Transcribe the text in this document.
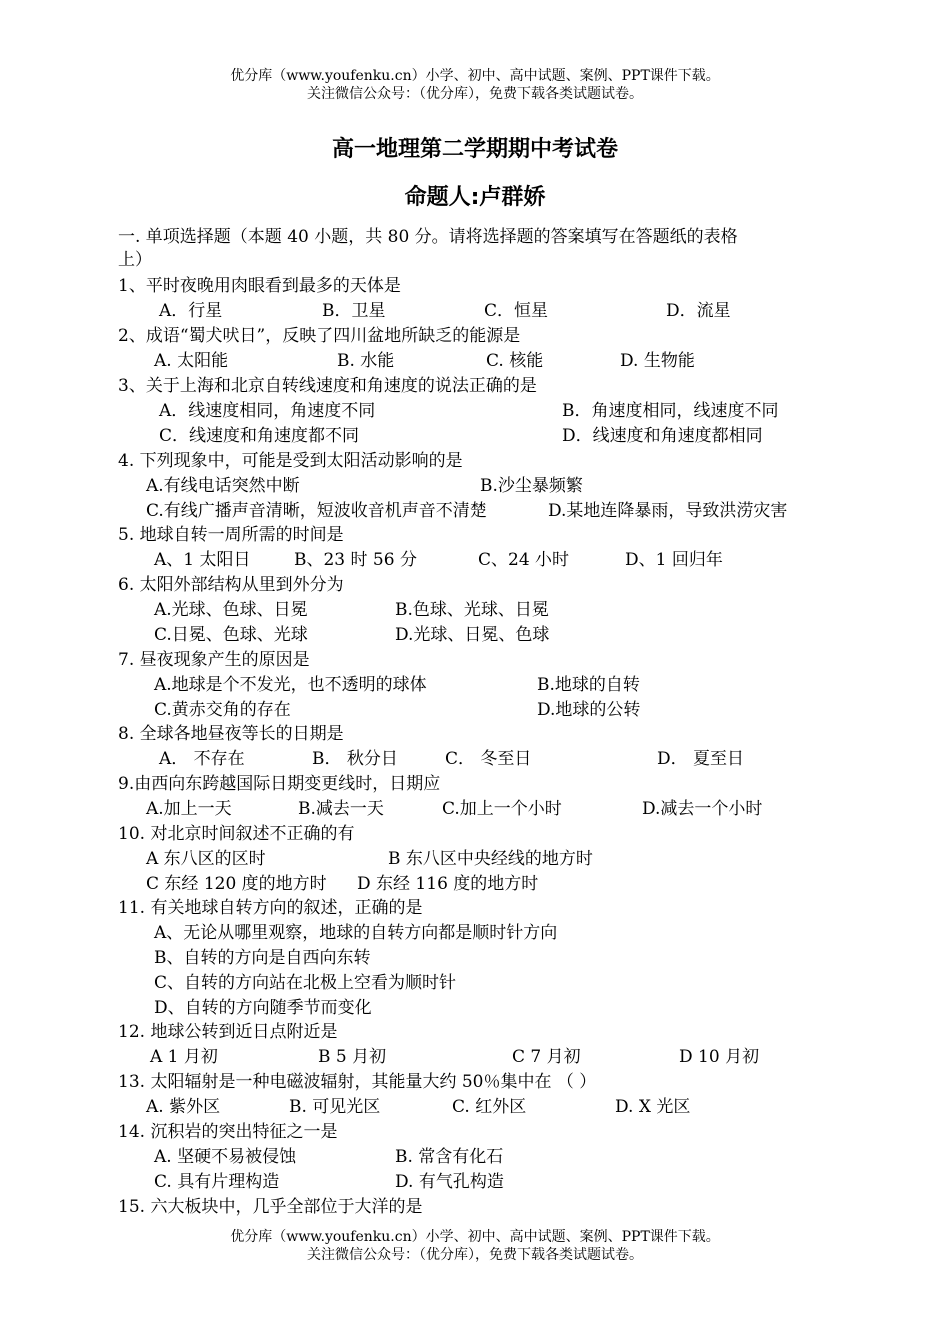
优分库（www.youfenku.cn）小学、初中、高中试题、案例、PPT课件下载。
关注微信公众号：（优分库），免费下载各类试题试卷。
高一地理第二学期期中考试卷
命题人:卢群娇
一. 单项选择题（本题 40 小题，共 80 分。请将选择题的答案填写在答题纸的表格
上）
1、平时夜晚用肉眼看到最多的天体是
A．行星	B．卫星	C．恒星	D．流星
2、成语“蜀犬吠日”，反映了四川盆地所缺乏的能源是
A. 太阳能	B. 水能	C. 核能	D. 生物能
3、关于上海和北京自转线速度和角速度的说法正确的是
A．线速度相同，角速度不同	B．角速度相同，线速度不同
C．线速度和角速度都不同	D．线速度和角速度都相同
4. 下列现象中，可能是受到太阳活动影响的是
A.有线电话突然中断	B.沙尘暴频繁
C.有线广播声音清晰，短波收音机声音不清楚	D.某地连降暴雨，导致洪涝灾害
5. 地球自转一周所需的时间是
A、1 太阳日	B、23 时 56 分	C、24 小时	D、1 回归年
6. 太阳外部结构从里到外分为
A.光球、色球、日冕	B.色球、光球、日冕
C.日冕、色球、光球	D.光球、日冕、色球
7. 昼夜现象产生的原因是
A.地球是个不发光，也不透明的球体	B.地球的自转
C.黄赤交角的存在	D.地球的公转
8. 全球各地昼夜等长的日期是
A． 不存在	B． 秋分日	C． 冬至日	D． 夏至日
9.由西向东跨越国际日期变更线时，日期应
A.加上一天	B.减去一天	C.加上一个小时	D.减去一个小时
10. 对北京时间叙述不正确的有
A 东八区的区时	B 东八区中央经线的地方时
C 东经 120 度的地方时 D 东经 116 度的地方时
11. 有关地球自转方向的叙述，正确的是
A、无论从哪里观察，地球的自转方向都是顺时针方向
B、自转的方向是自西向东转
C、自转的方向站在北极上空看为顺时针
D、自转的方向随季节而变化
12. 地球公转到近日点附近是
A 1 月初	B 5 月初	C 7 月初	D 10 月初
13. 太阳辐射是一种电磁波辐射，其能量大约 50％集中在 （ ）
A. 紫外区	B. 可见光区	C. 红外区	D. X 光区
14. 沉积岩的突出特征之一是
A. 坚硬不易被侵蚀	B. 常含有化石
C. 具有片理构造	D. 有气孔构造
15. 六大板块中，几乎全部位于大洋的是
优分库（www.youfenku.cn）小学、初中、高中试题、案例、PPT课件下载。
关注微信公众号：（优分库），免费下载各类试题试卷。
